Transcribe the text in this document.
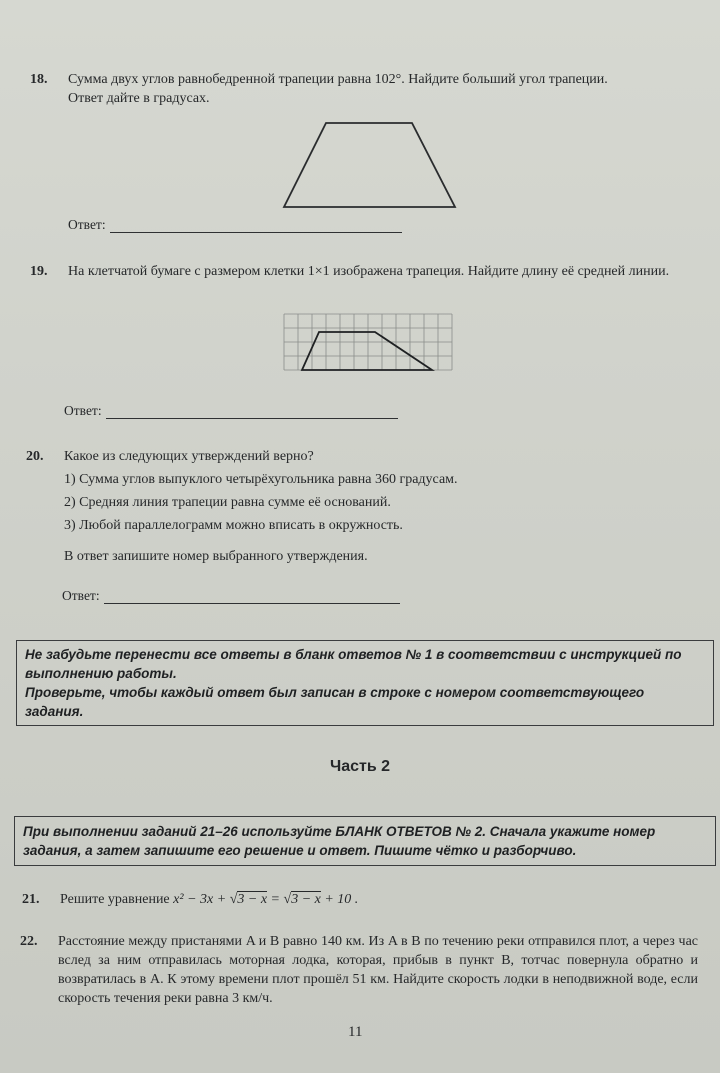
18. Сумма двух углов равнобедренной трапеции равна 102°. Найдите больший угол трапеции.
Ответ дайте в градусах.
Ответ:
19. На клетчатой бумаге с размером клетки 1×1 изображена трапеция. Найдите длину её средней линии.
Ответ:
20. Какое из следующих утверждений верно?
1) Сумма углов выпуклого четырёхугольника равна 360 градусам.
2) Средняя линия трапеции равна сумме её оснований.
3) Любой параллелограмм можно вписать в окружность.
В ответ запишите номер выбранного утверждения.
Ответ:
Не забудьте перенести все ответы в бланк ответов № 1 в соответствии с инструкцией по выполнению работы.
Проверьте, чтобы каждый ответ был записан в строке с номером соответствующего задания.
Часть 2
При выполнении заданий 21–26 используйте БЛАНК ОТВЕТОВ № 2. Сначала укажите номер задания, а затем запишите его решение и ответ. Пишите чётко и разборчиво.
21. Решите уравнение x² − 3x + √3 − x = √3 − x + 10 .
22. Расстояние между пристанями A и B равно 140 км. Из A в B по течению реки отправился плот, а через час вслед за ним отправилась моторная лодка, которая, прибыв в пункт B, тотчас повернула обратно и возвратилась в A. К этому времени плот прошёл 51 км. Найдите скорость лодки в неподвижной воде, если скорость течения реки равна 3 км/ч.
11
